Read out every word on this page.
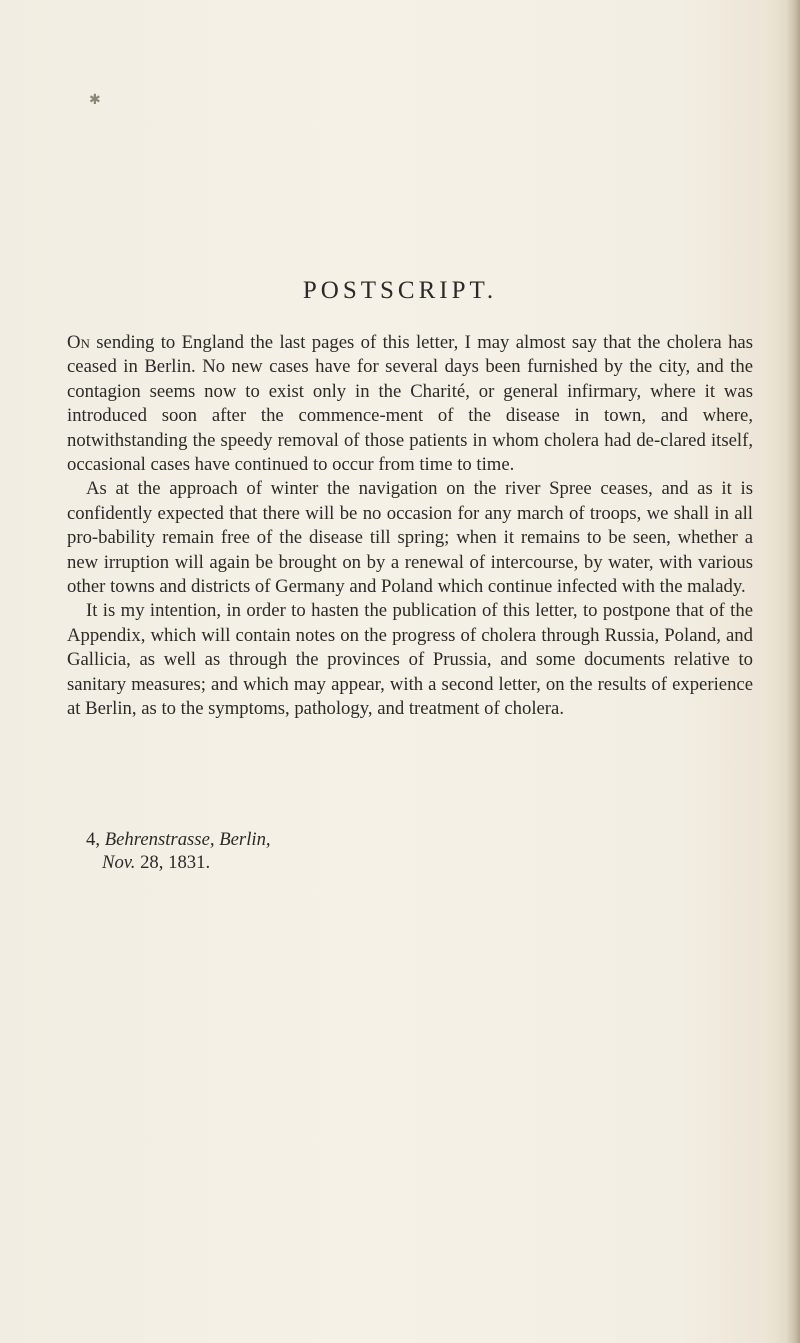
✱
POSTSCRIPT.

On sending to England the last pages of this letter, I may almost say that the cholera has ceased in Berlin. No new cases have for several days been furnished by the city, and the contagion seems now to exist only in the Charité, or general infirmary, where it was introduced soon after the commence-ment of the disease in town, and where, notwithstanding the speedy removal of those patients in whom cholera had de-clared itself, occasional cases have continued to occur from time to time.

As at the approach of winter the navigation on the river Spree ceases, and as it is confidently expected that there will be no occasion for any march of troops, we shall in all pro-bability remain free of the disease till spring; when it remains to be seen, whether a new irruption will again be brought on by a renewal of intercourse, by water, with various other towns and districts of Germany and Poland which continue infected with the malady.

It is my intention, in order to hasten the publication of this letter, to postpone that of the Appendix, which will contain notes on the progress of cholera through Russia, Poland, and Gallicia, as well as through the provinces of Prussia, and some documents relative to sanitary measures; and which may appear, with a second letter, on the results of experience at Berlin, as to the symptoms, pathology, and treatment of cholera.

4, Behrenstrasse, Berlin,
Nov. 28, 1831.
